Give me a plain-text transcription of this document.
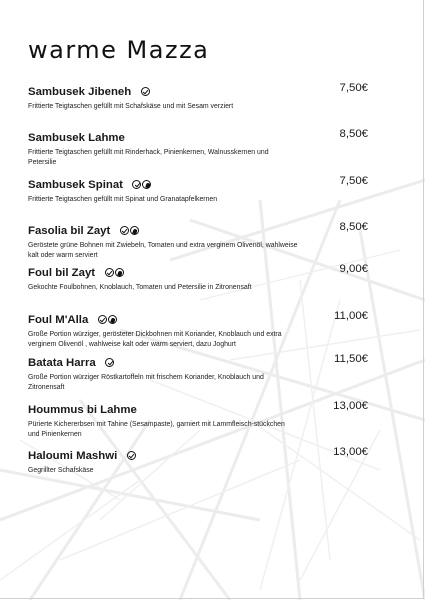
warme Mazza
Sambusek Jibeneh	7,50€
Frittierte Teigtaschen gefüllt mit Schafskäse und mit Sesam verziert
Sambusek Lahme	8,50€
Frittierte Teigtaschen gefüllt mit Rinderhack, Pinienkernen, Walnusskernen und Petersilie
Sambusek Spinat	7,50€
Frittierte Teigtaschen gefüllt mit Spinat und Granatapfelkernen
Fasolia bil Zayt	8,50€
Geröstete grüne Bohnen mit Zwiebeln, Tomaten und extra verginem Olivenöl, wahlweise kalt oder warm serviert
Foul bil Zayt	9,00€
Gekochte Foulbohnen, Knoblauch, Tomaten und Petersilie in Zitronensaft
Foul M'Alla	11,00€
Große Portion würziger, gerösteter Dickbohnen mit Koriander, Knoblauch und extra verginem Olivenöl , wahlweise kalt oder warm serviert, dazu Joghurt
Batata Harra	11,50€
Große Portion würziger Röstkartoffeln mit frischem Koriander, Knoblauch und Zitronensaft
Hoummus bi Lahme	13,00€
Pürierte Kichererbsen mit Tahine (Sesampaste), garniert mit Lammfleisch-stückchen und Pinienkernen
Haloumi Mashwi	13,00€
Gegrillter Schafskäse
